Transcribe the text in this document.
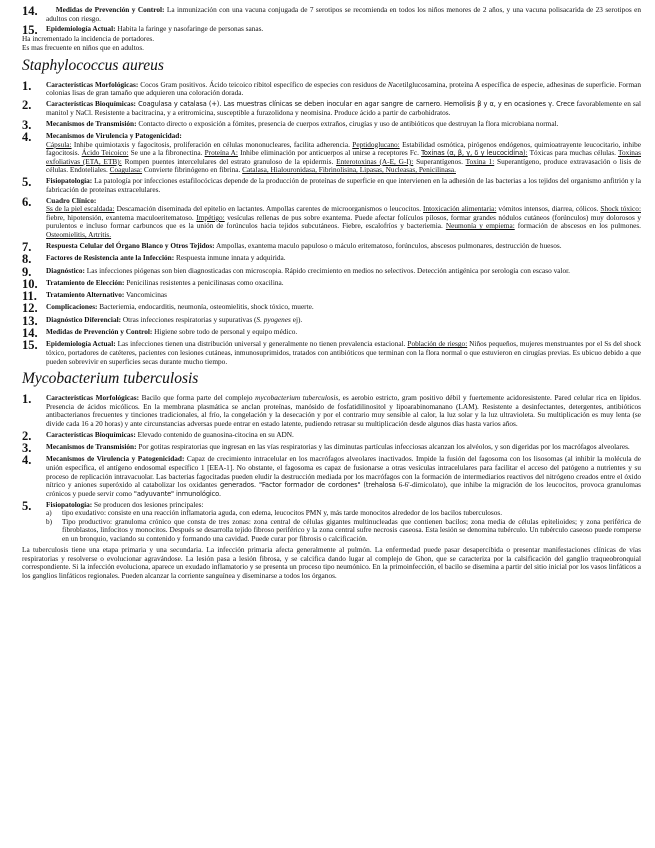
14.	Medidas de Prevención y Control: La inmunización con una vacuna conjugada de 7 serotipos se recomienda en todos los niños menores de 2 años, y una vacuna polisacarida de 23 serotipos en adultos con riesgo.
15.	Epidemiología Actual: Habita la faringe y nasofaringe de personas sanas.

Ha incrementado la incidencia de portadores.

Es mas frecuente en niños que en adultos.

Staphylococcus aureus
1.	Características Morfológicas: Cocos Gram positivos. Ácido teicoico ribitol específico de especies con residuos de Nacetilglucosamina, proteína A específica de especie, adhesinas de superficie. Forman colonias lisas de gran tamaño que adquieren una coloración dorada.
2.	Características Bioquímicas: Coagulasa y catalasa (+). Las muestras clínicas se deben inocular en agar sangre de carnero. Hemolisis β y α, y en ocasiones γ. Crece favorablemente en sal manitol y NaCl. Resistente a bacitracina, y a eritromicina, susceptible a furazolidona y neomisina. Produce ácido a partir de carbohidratos.
3.	Mecanismos de Transmisión: Contacto directo o exposición a fómites, presencia de cuerpos extraños, cirugías y uso de antibióticos que destruyan la flora microbiana normal.
4.	Mecanismos de Virulencia y Patogenicidad:
Cápsula: Inhibe quimiotaxis y fagocitosis, proliferación en células mononucleares, facilita adherencia. Peptidoglucano: Estabilidad osmótica, pirógenos endógenos, quimioatrayente leucocitario, inhibe fagocitosis. Ácido Teicoico: Se une a la fibronectina. Proteína A: Inhibe eliminación por anticuerpos al unirse a receptores Fc. Toxinas (α, β, γ, δ y leucocidina): Tóxicas para muchas células. Toxinas exfoliativas (ETA, ETB): Rompen puentes intercelulares del estrato granuloso de la epidermis. Enterotoxinas (A-E, G-I): Superantígenos. Toxina 1: Superantígeno, produce extravasación o lisis de células. Endoteliales. Coagulasa: Convierte fibrinógeno en fibrina. Catalasa, Hialouronidasa, Fibrinolisina, Lipasas, Nucleasas, Penicilinasa.
5.	Fisiopatología: La patología por infecciones estafilocócicas depende de la producción de proteínas de superficie en que intervienen en la adhesión de las bacterias a los tejidos del organismo anfitrión y la fabricación de proteínas extracelulares.
6.	Cuadro Clínico:
Ss de la piel escaldada: Descamación diseminada del epitelio en lactantes. Ampollas carentes de microorganismos o leucocitos. Intoxicación alimentaria: vómitos intensos, diarrea, cólicos. Shock tóxico: fiebre, hipotensión, exantema maculoeritematoso. Impétigo: vesículas rellenas de pus sobre exantema. Puede afectar folículos pilosos, formar grandes nódulos cutáneos (forúnculos) muy dolorosos y purulentos e incluso formar carbuncos que es la unión de forúnculos hacia tejidos subcutáneos. Fiebre, escalofríos y bacteriemia. Neumonía y empiema: formación de abscesos en los pulmones. Osteomielitis, Artritis.
7.	Respuesta Celular del Órgano Blanco y Otros Tejidos: Ampollas, exantema maculo papuloso o máculo eritematoso, forúnculos, abscesos pulmonares, destrucción de huesos.
8.	Factores de Resistencia ante la Infección: Respuesta inmune innata y adquirida.
9.	Diagnóstico: Las infecciones piógenas son bien diagnosticadas con microscopia. Rápido crecimiento en medios no selectivos. Detección antigénica por serología con escaso valor.
10.	Tratamiento de Elección: Penicilinas resistentes a penicilinasas como oxacilina.
11.	Tratamiento Alternativo: Vancomicinas
12.	Complicaciones: Bacteriemia, endocarditis, neumonía, osteomielitis, shock tóxico, muerte.
13.	Diagnóstico Diferencial: Otras infecciones respiratorias y supurativas (S. pyogenes ej).
14.	Medidas de Prevención y Control: Higiene sobre todo de personal y equipo médico.
15.	Epidemiología Actual: Las infecciones tienen una distribución universal y generalmente no tienen prevalencia estacional. Población de riesgo: Niños pequeños, mujeres menstruantes por el Ss del shock tóxico, portadores de catéteres, pacientes con lesiones cutáneas, inmunosuprimidos, tratados con antibióticos que terminan con la flora normal o que estuvieron en cirugías previas. Es ubicuo debido a que pueden sobrevivir en superficies secas durante mucho tiempo.
Mycobacterium tuberculosis
1.	Características Morfológicas: Bacilo que forma parte del complejo mycobacterium tuberculosis, es aerobio estricto, gram positivo débil y fuertemente acidoresistente. Pared celular rica en lípidos. Presencia de ácidos micólicos. En la membrana plasmática se anclan proteínas, manósido de fosfatidilinositol y lipoarabinomanano (LAM). Resistente a desinfectantes, detergentes, antibióticos antibacterianos frecuentes y tinciones tradicionales, al frío, la congelación y la desecación y por el contrario muy sensible al calor, la luz solar y la luz ultravioleta. Su multiplicación es muy lenta (se divide cada 16 a 20 horas) y ante circunstancias adversas puede entrar en estado latente, pudiendo retrasar su multiplicación desde algunos días hasta varios años.
2.	Características Bioquímicas: Elevado contenido de guanosina-citocina en su ADN.
3.	Mecanismos de Transmisión: Por gotitas respiratorias que ingresan en las vías respiratorias y las diminutas partículas infecciosas alcanzan los alvéolos, y son digeridas por los macrófagos alveolares.
4.	Mecanismos de Virulencia y Patogenicidad: Capaz de crecimiento intracelular en los macrófagos alveolares inactivados. Impide la fusión del fagosoma con los lisosomas (al inhibir la molécula de unión específica, el antígeno endosomal específico 1 [EEA-1]. No obstante, el fagosoma es capaz de fusionarse a otras vesículas intracelulares para facilitar el acceso del patógeno a nutrientes y su proceso de replicación intravacuolar. Las bacterias fagocitadas pueden eludir la destrucción mediada por los macrófagos con la formación de intermediarios reactivos del nitrógeno creados entre el óxido nítrico y aniones superóxido al catabolizar los oxidantes generados. "Factor formador de cordones" (trehalosa 6-6'-dimicolato), que inhibe la migración de los leucocitos, provoca granulomas crónicos y puede servir como "adyuvante" inmunológico.
5.	Fisiopatología: Se producen dos lesiones principales:
a)	tipo exudativo: consiste en una reacción inflamatoria aguda, con edema, leucocitos PMN y, más tarde monocitos alrededor de los bacilos tuberculosos.
b)	Tipo productivo: granuloma crónico que consta de tres zonas: zona central de células gigantes multinucleadas que contienen bacilos; zona media de células epitelioides; y zona periférica de fibroblastos, linfocitos y monocitos. Después se desarrolla tejido fibroso periférico y la zona central sufre necrosis caseosa. Esta lesión se denomina tubérculo. Un tubérculo caseoso puede romperse en un bronquio, vaciando su contenido y formando una cavidad. Puede curar por fibrosis o calcificación.

La tuberculosis tiene una etapa primaria y una secundaria. La infección primaria afecta generalmente al pulmón. La enfermedad puede pasar desapercibida o presentar manifestaciones clínicas de vías respiratorias y resolverse o evolucionar agravándose. La lesión pasa a lesión fibrosa, y se calcifica dando lugar al complejo de Ghon, que se caracteriza por la calsificación del ganglio traqueobronquial correspondiente. Si la infección evoluciona, aparece un exudado inflamatorio y se presenta un proceso tipo neumónico. En la primoinfección, el bacilo se disemina a partir del sitio inicial por los vasos linfáticos a los ganglios linfáticos regionales. Pueden alcanzar la corriente sanguínea y diseminarse a todos los órganos.
